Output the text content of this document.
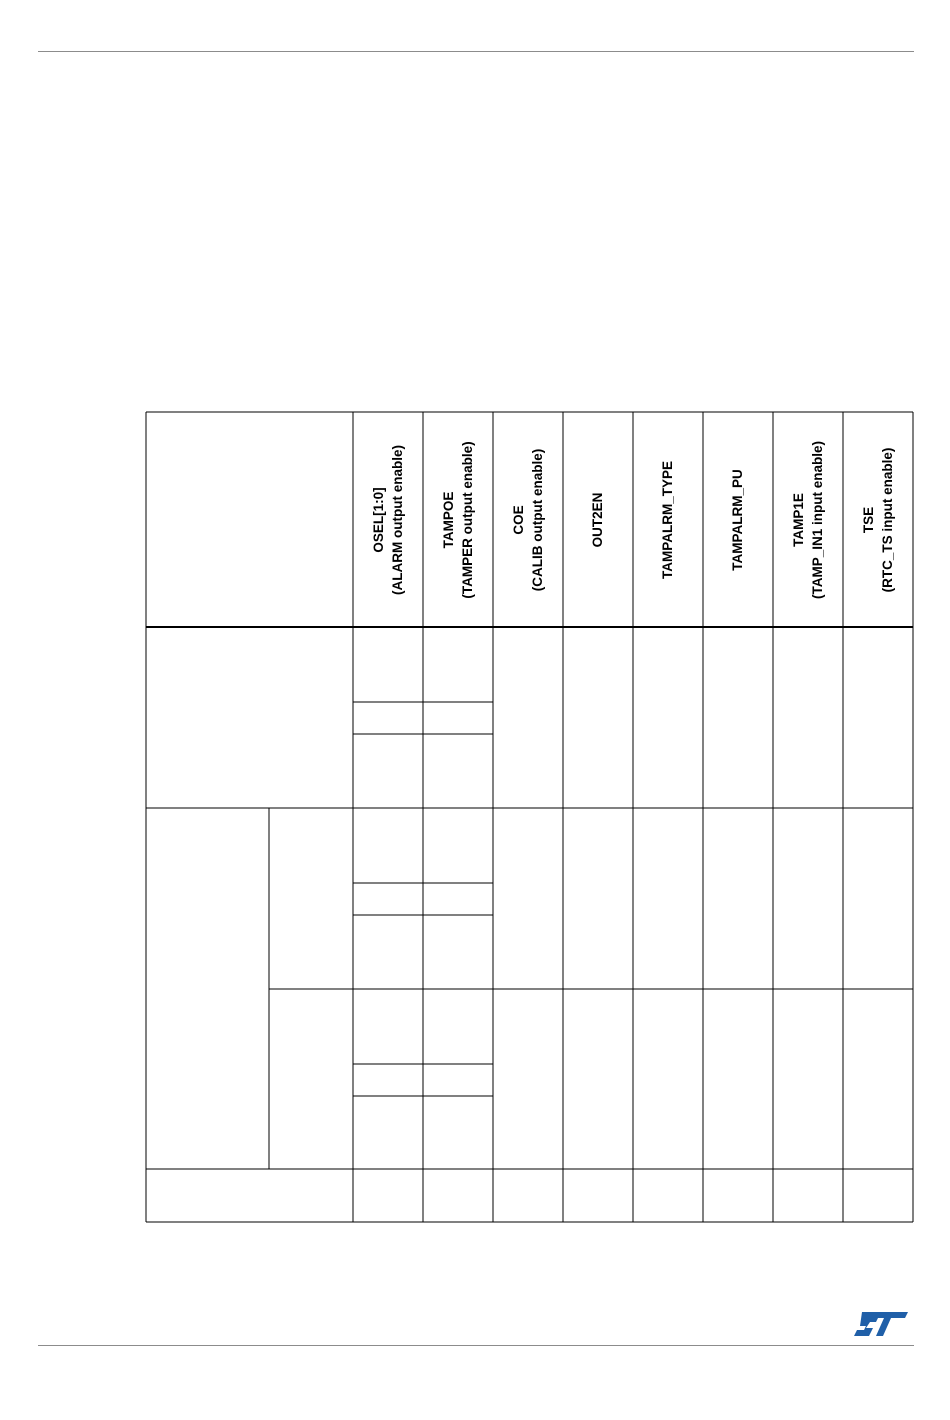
OSEL[1:0] (ALARM output enable)	TAMPOE (TAMPER output enable)	COE (CALIB output enable)	OUT2EN	TAMPALRM_TYPE	TAMPALRM_PU	TAMP1E (TAMP_IN1 input enable)	TSE (RTC_TS input enable)
